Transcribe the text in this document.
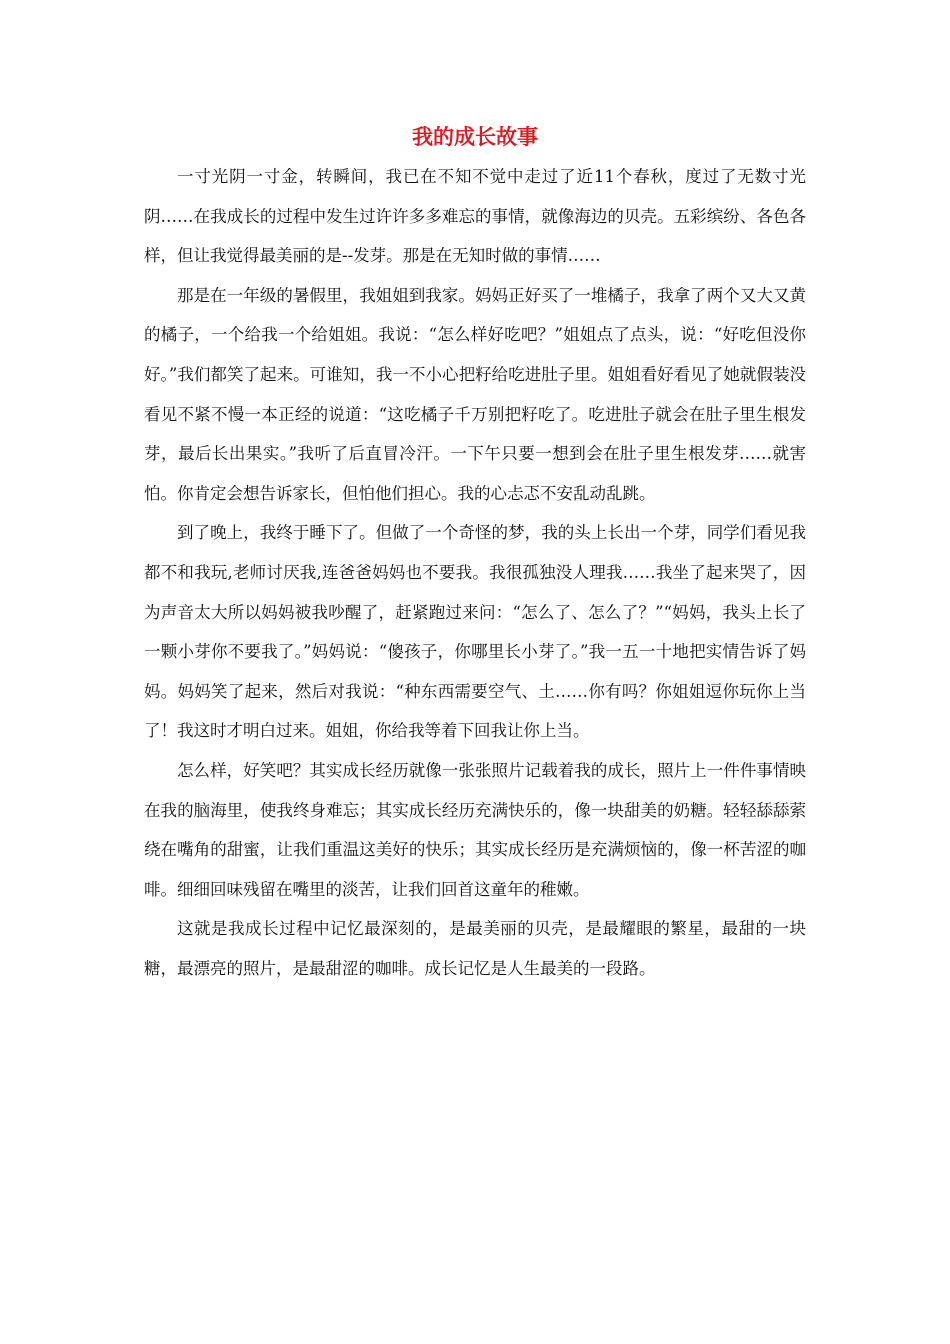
我的成长故事

一寸光阴一寸金，转瞬间，我已在不知不觉中走过了近11个春秋，度过了无数寸光阴……在我成长的过程中发生过许许多多难忘的事情，就像海边的贝壳。五彩缤纷、各色各样，但让我觉得最美丽的是--发芽。那是在无知时做的事情……

那是在一年级的暑假里，我姐姐到我家。妈妈正好买了一堆橘子，我拿了两个又大又黄的橘子，一个给我一个给姐姐。我说：“怎么样好吃吧？”姐姐点了点头，说：“好吃但没你好。”我们都笑了起来。可谁知，我一不小心把籽给吃进肚子里。姐姐看好看见了她就假装没看见不紧不慢一本正经的说道：“这吃橘子千万别把籽吃了。吃进肚子就会在肚子里生根发芽，最后长出果实。”我听了后直冒冷汗。一下午只要一想到会在肚子里生根发芽……就害怕。你肯定会想告诉家长，但怕他们担心。我的心忐忑不安乱动乱跳。

到了晚上，我终于睡下了。但做了一个奇怪的梦，我的头上长出一个芽，同学们看见我都不和我玩,老师讨厌我,连爸爸妈妈也不要我。我很孤独没人理我……我坐了起来哭了，因为声音太大所以妈妈被我吵醒了，赶紧跑过来问：“怎么了、怎么了？”“妈妈，我头上长了一颗小芽你不要我了。”妈妈说：“傻孩子，你哪里长小芽了。”我一五一十地把实情告诉了妈妈。妈妈笑了起来，然后对我说：“种东西需要空气、土……你有吗？你姐姐逗你玩你上当了！我这时才明白过来。姐姐，你给我等着下回我让你上当。

怎么样，好笑吧？其实成长经历就像一张张照片记载着我的成长，照片上一件件事情映在我的脑海里，使我终身难忘；其实成长经历充满快乐的，像一块甜美的奶糖。轻轻舔舔萦绕在嘴角的甜蜜，让我们重温这美好的快乐；其实成长经历是充满烦恼的，像一杯苦涩的咖啡。细细回味残留在嘴里的淡苦，让我们回首这童年的稚嫩。

这就是我成长过程中记忆最深刻的，是最美丽的贝壳，是最耀眼的繁星，最甜的一块糖，最漂亮的照片，是最甜涩的咖啡。成长记忆是人生最美的一段路。
